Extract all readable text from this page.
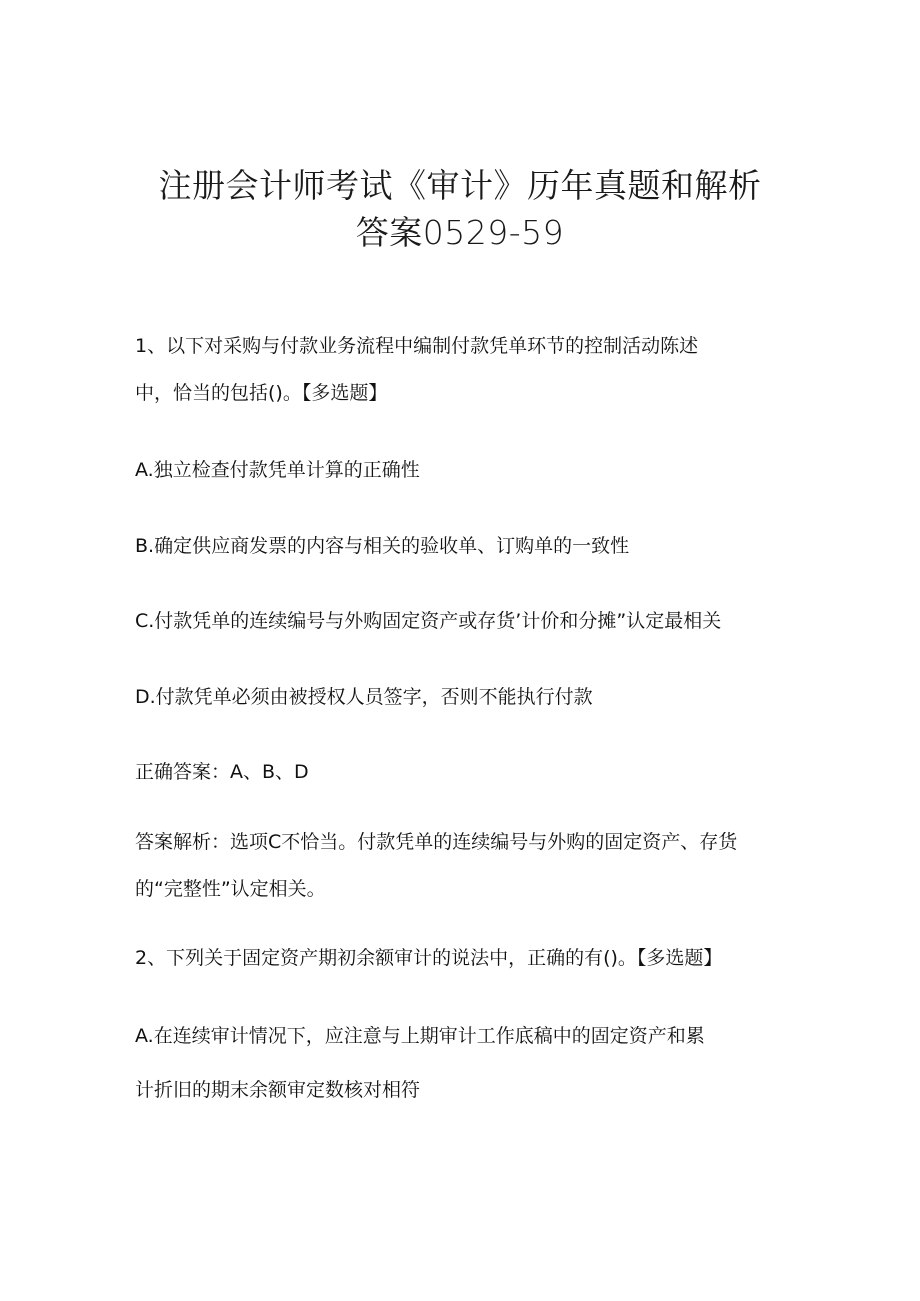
注册会计师考试《审计》历年真题和解析
答案0529-59
1、以下对采购与付款业务流程中编制付款凭单环节的控制活动陈述
中，恰当的包括()。【多选题】
A.独立检查付款凭单计算的正确性
B.确定供应商发票的内容与相关的验收单、订购单的一致性
C.付款凭单的连续编号与外购固定资产或存货’计价和分摊”认定最相关
D.付款凭单必须由被授权人员签字，否则不能执行付款
正确答案：A、B、D
答案解析：选项C不恰当。付款凭单的连续编号与外购的固定资产、存货
的“完整性”认定相关。
2、下列关于固定资产期初余额审计的说法中，正确的有()。【多选题】
A.在连续审计情况下，应注意与上期审计工作底稿中的固定资产和累
计折旧的期末余额审定数核对相符
